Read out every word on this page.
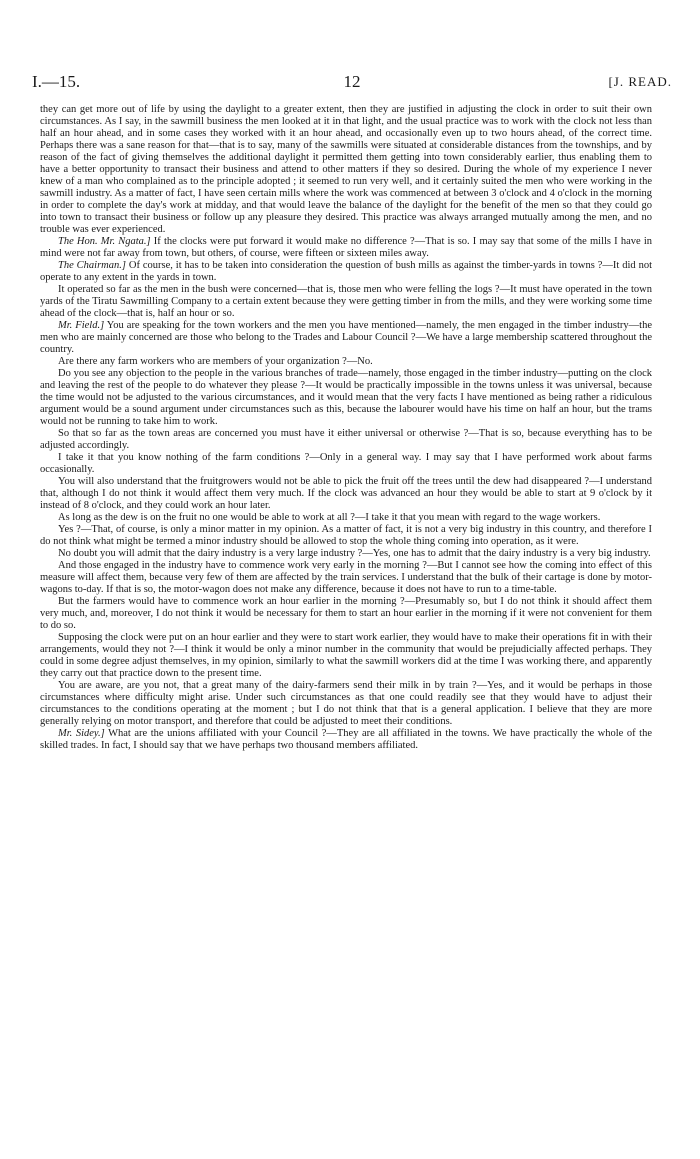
I.—15.	12	[J. READ.

they can get more out of life by using the daylight to a greater extent, then they are justified in adjusting the clock in order to suit their own circumstances. As I say, in the sawmill business the men looked at it in that light, and the usual practice was to work with the clock not less than half an hour ahead, and in some cases they worked with it an hour ahead, and occasionally even up to two hours ahead, of the correct time. Perhaps there was a sane reason for that—that is to say, many of the sawmills were situated at considerable distances from the townships, and by reason of the fact of giving themselves the additional daylight it permitted them getting into town considerably earlier, thus enabling them to have a better opportunity to transact their business and attend to other matters if they so desired. During the whole of my experience I never knew of a man who complained as to the principle adopted ; it seemed to run very well, and it certainly suited the men who were working in the sawmill industry. As a matter of fact, I have seen certain mills where the work was commenced at between 3 o'clock and 4 o'clock in the morning in order to complete the day's work at midday, and that would leave the balance of the daylight for the benefit of the men so that they could go into town to transact their business or follow up any pleasure they desired. This practice was always arranged mutually among the men, and no trouble was ever experienced.

The Hon. Mr. Ngata.] If the clocks were put forward it would make no difference ?—That is so. I may say that some of the mills I have in mind were not far away from town, but others, of course, were fifteen or sixteen miles away.

The Chairman.] Of course, it has to be taken into consideration the question of bush mills as against the timber-yards in towns ?—It did not operate to any extent in the yards in town.

It operated so far as the men in the bush were concerned—that is, those men who were felling the logs ?—It must have operated in the town yards of the Tiratu Sawmilling Company to a certain extent because they were getting timber in from the mills, and they were working some time ahead of the clock—that is, half an hour or so.

Mr. Field.] You are speaking for the town workers and the men you have mentioned—namely, the men engaged in the timber industry—the men who are mainly concerned are those who belong to the Trades and Labour Council ?—We have a large membership scattered throughout the country.

Are there any farm workers who are members of your organization ?—No.

Do you see any objection to the people in the various branches of trade—namely, those engaged in the timber industry—putting on the clock and leaving the rest of the people to do whatever they please ?—It would be practically impossible in the towns unless it was universal, because the time would not be adjusted to the various circumstances, and it would mean that the very facts I have mentioned as being rather a ridiculous argument would be a sound argument under circumstances such as this, because the labourer would have his time on half an hour, but the trams would not be running to take him to work.

So that so far as the town areas are concerned you must have it either universal or otherwise ?—That is so, because everything has to be adjusted accordingly.

I take it that you know nothing of the farm conditions ?—Only in a general way. I may say that I have performed work about farms occasionally.

You will also understand that the fruitgrowers would not be able to pick the fruit off the trees until the dew had disappeared ?—I understand that, although I do not think it would affect them very much. If the clock was advanced an hour they would be able to start at 9 o'clock by it instead of 8 o'clock, and they could work an hour later.

As long as the dew is on the fruit no one would be able to work at all ?—I take it that you mean with regard to the wage workers.

Yes ?—That, of course, is only a minor matter in my opinion. As a matter of fact, it is not a very big industry in this country, and therefore I do not think what might be termed a minor industry should be allowed to stop the whole thing coming into operation, as it were.

No doubt you will admit that the dairy industry is a very large industry ?—Yes, one has to admit that the dairy industry is a very big industry.

And those engaged in the industry have to commence work very early in the morning ?—But I cannot see how the coming into effect of this measure will affect them, because very few of them are affected by the train services. I understand that the bulk of their cartage is done by motor-wagons to-day. If that is so, the motor-wagon does not make any difference, because it does not have to run to a time-table.

But the farmers would have to commence work an hour earlier in the morning ?—Presumably so, but I do not think it should affect them very much, and, moreover, I do not think it would be necessary for them to start an hour earlier in the morning if it were not convenient for them to do so.

Supposing the clock were put on an hour earlier and they were to start work earlier, they would have to make their operations fit in with their arrangements, would they not ?—I think it would be only a minor number in the community that would be prejudicially affected perhaps. They could in some degree adjust themselves, in my opinion, similarly to what the sawmill workers did at the time I was working there, and apparently they carry out that practice down to the present time.

You are aware, are you not, that a great many of the dairy-farmers send their milk in by train ?—Yes, and it would be perhaps in those circumstances where difficulty might arise. Under such circumstances as that one could readily see that they would have to adjust their circumstances to the conditions operating at the moment ; but I do not think that that is a general application. I believe that they are more generally relying on motor transport, and therefore that could be adjusted to meet their conditions.

Mr. Sidey.] What are the unions affiliated with your Council ?—They are all affiliated in the towns. We have practically the whole of the skilled trades. In fact, I should say that we have perhaps two thousand members affiliated.
